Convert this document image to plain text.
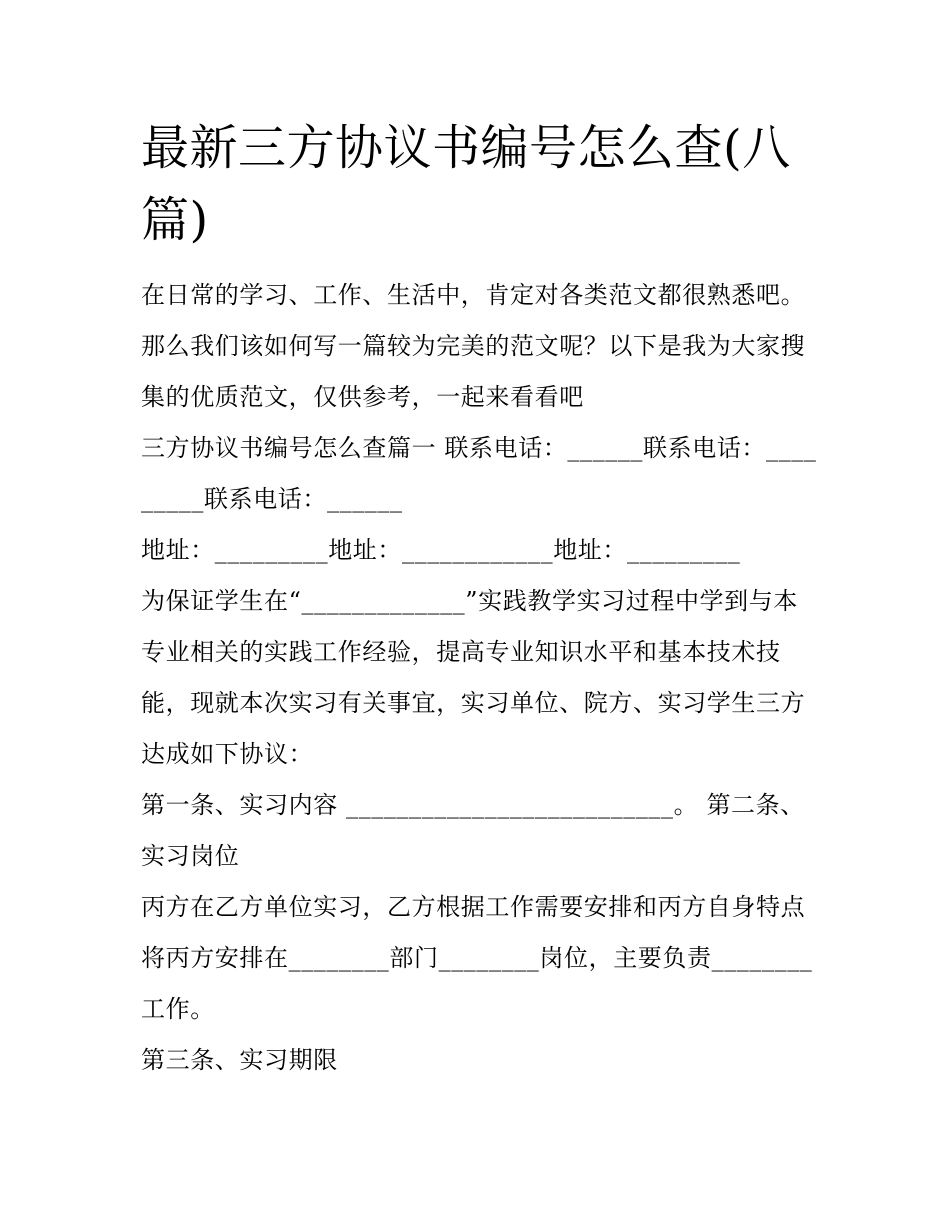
最新三方协议书编号怎么查(八篇)

在日常的学习、工作、生活中，肯定对各类范文都很熟悉吧。那么我们该如何写一篇较为完美的范文呢？以下是我为大家搜集的优质范文，仅供参考，一起来看看吧

三方协议书编号怎么查篇一 联系电话：______联系电话：_________联系电话：______

地址：_________地址：____________地址：_________

为保证学生在“_____________”实践教学实习过程中学到与本专业相关的实践工作经验，提高专业知识水平和基本技术技能，现就本次实习有关事宜，实习单位、院方、实习学生三方达成如下协议：

第一条、实习内容 __________________________。 第二条、实习岗位

丙方在乙方单位实习，乙方根据工作需要安排和丙方自身特点将丙方安排在________部门________岗位，主要负责________工作。

第三条、实习期限
